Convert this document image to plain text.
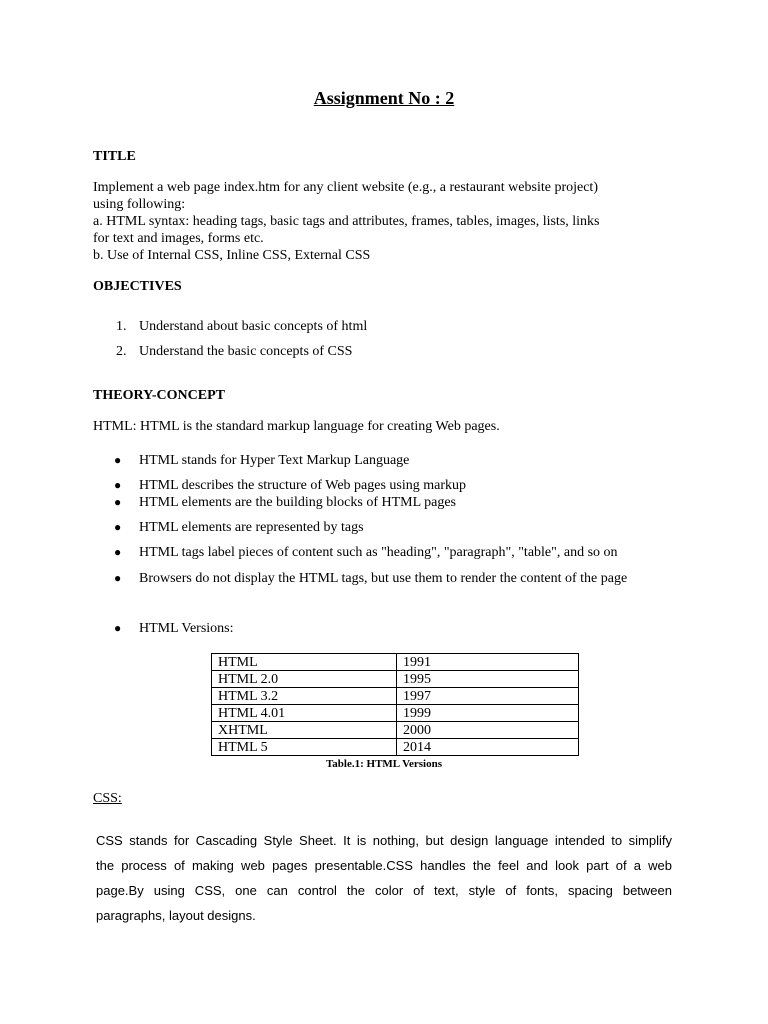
Assignment No : 2
TITLE
Implement a web page index.htm for any client website (e.g., a restaurant website project)
using following:
a. HTML syntax: heading tags, basic tags and attributes, frames, tables, images, lists, links
for text and images, forms etc.
b. Use of Internal CSS, Inline CSS, External CSS
OBJECTIVES
1. Understand about basic concepts of html
2. Understand the basic concepts of CSS
THEORY-CONCEPT
HTML: HTML is the standard markup language for creating Web pages.
● HTML stands for Hyper Text Markup Language
● HTML describes the structure of Web pages using markup
● HTML elements are the building blocks of HTML pages
● HTML elements are represented by tags
● HTML tags label pieces of content such as "heading", "paragraph", "table", and so on
● Browsers do not display the HTML tags, but use them to render the content of the page
● HTML Versions:
HTML	1991
HTML 2.0	1995
HTML 3.2	1997
HTML 4.01	1999
XHTML	2000
HTML 5	2014
Table.1: HTML Versions
CSS:
CSS stands for Cascading Style Sheet. It is nothing, but design language intended to simplify
the process of making web pages presentable.CSS handles the feel and look part of a web
page.By using CSS, one can control the color of text, style of fonts, spacing between
paragraphs, layout designs.
